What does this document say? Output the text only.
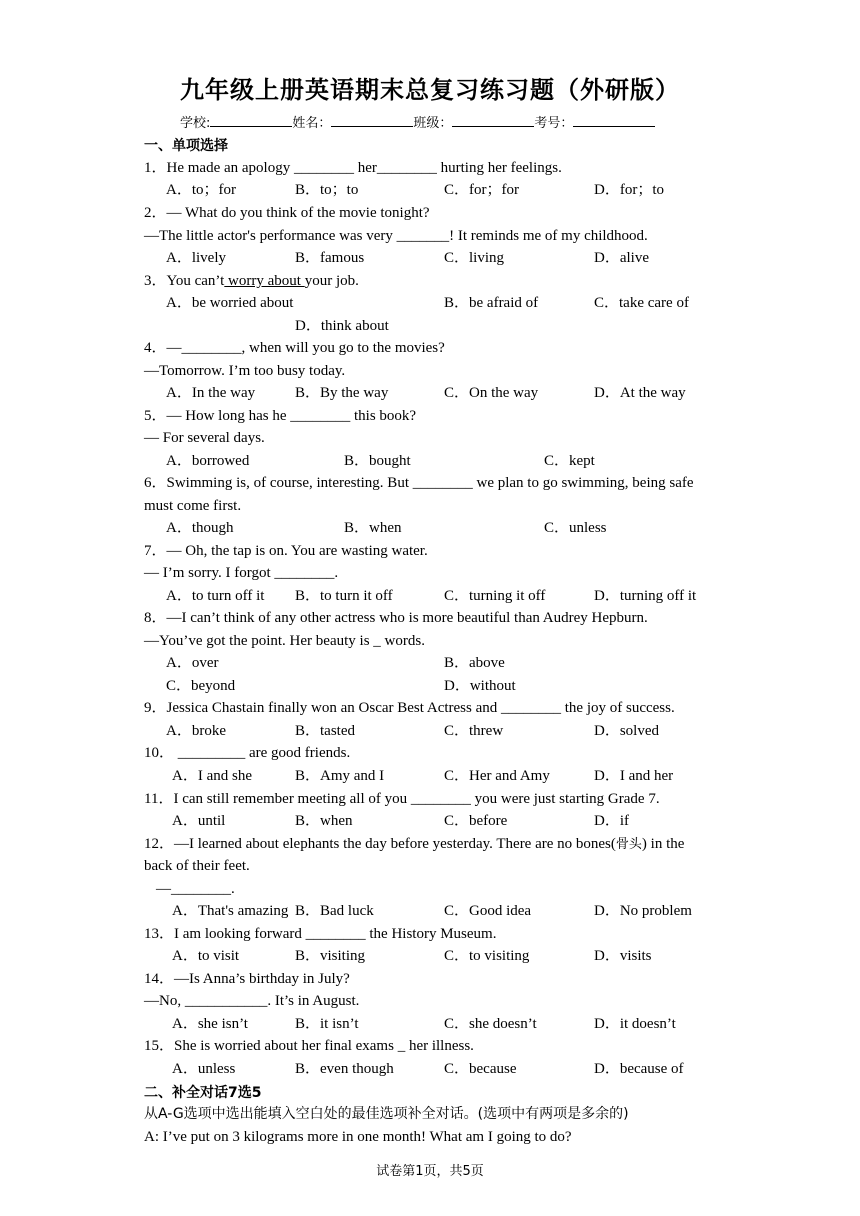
九年级上册英语期末总复习练习题（外研版）
学校:	姓名：	班级：	考号：
一、单项选择
1．He made an apology ________ her________ hurting her feelings.
A．to；for	B．to；to	C．for；for	D．for；to
2．— What do you think of the movie tonight?
—The little actor's performance was very _______! It reminds me of my childhood.
A．lively	B．famous	C．living	D．alive
3．You can’t worry about your job.
A．be worried about	B．be afraid of	C．take care of
D．think about
4．—________, when will you go to the movies?
—Tomorrow. I’m too busy today.
A．In the way	B．By the way	C．On the way	D．At the way
5．— How long has he ________ this book?
— For several days.
A．borrowed	B．bought	C．kept
6．Swimming is, of course, interesting. But ________ we plan to go swimming, being safe
must come first.
A．though	B．when	C．unless
7．— Oh, the tap is on. You are wasting water.
— I’m sorry. I forgot ________.
A．to turn off it B．to turn it off	C．turning it off	D．turning off it
8．—I can’t think of any other actress who is more beautiful than Audrey Hepburn.
—You’ve got the point. Her beauty is _ words.
A．over	B．above
C．beyond	D．without
9．Jessica Chastain finally won an Oscar Best Actress and ________ the joy of success.
A．broke	B．tasted	C．threw	D．solved
10． _________ are good friends.
A．I and she	B．Amy and I	C．Her and Amy	D．I and her
11．I can still remember meeting all of you ________ you were just starting Grade 7.
A．until	B．when	C．before	D．if
12．—I learned about elephants the day before yesterday. There are no bones(骨头) in the
back of their feet.
—________.
A．That's amazing B．Bad luck	C．Good idea	D．No problem
13．I am looking forward ________ the History Museum.
A．to visit	B．visiting	C．to visiting	D．visits
14．—Is Anna’s birthday in July?
—No, ___________. It’s in August.
A．she isn’t	B．it isn’t	C．she doesn’t	D．it doesn’t
15．She is worried about her final exams _ her illness.
A．unless	B．even though	C．because	D．because of
二、补全对话7选5
从A-G选项中选出能填入空白处的最佳选项补全对话。(选项中有两项是多余的)
A: I’ve put on 3 kilograms more in one month! What am I going to do?
试卷第1页，共5页
